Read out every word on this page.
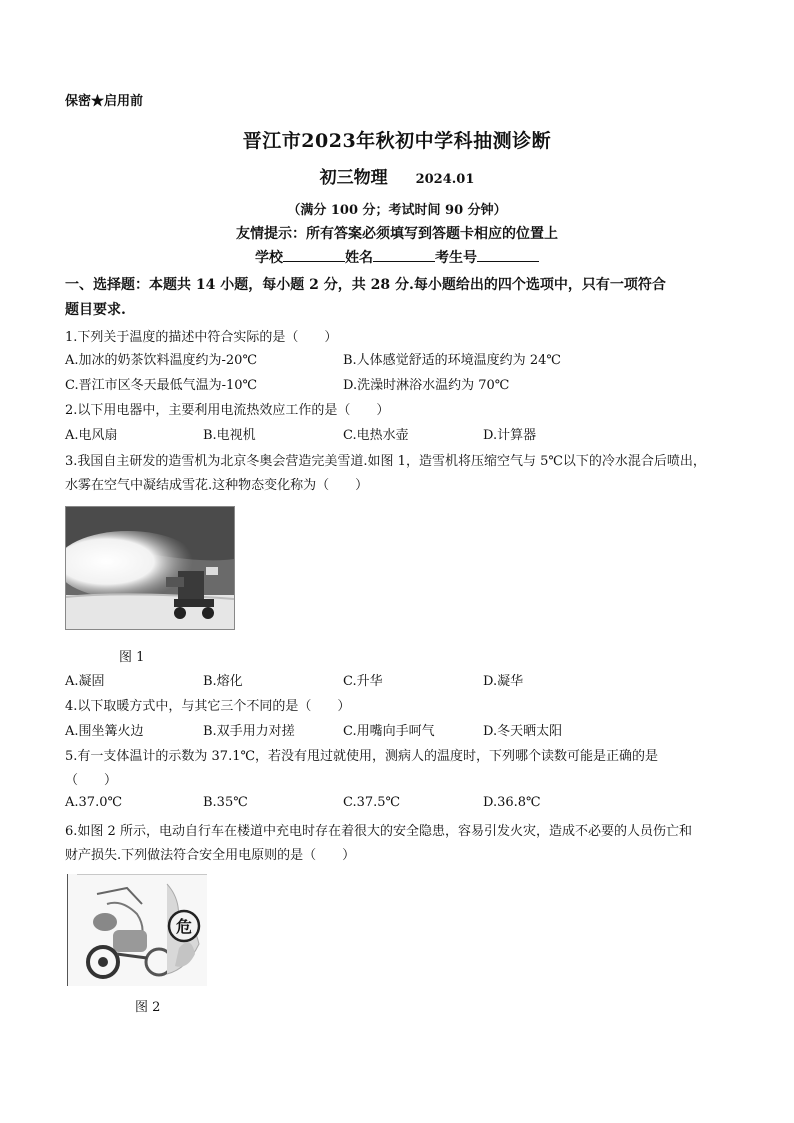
保密★启用前
晋江市2023年秋初中学科抽测诊断
初三物理 2024.01
（满分 100 分；考试时间 90 分钟）
友情提示：所有答案必须填写到答题卡相应的位置上
学校	姓名	考生号
一、选择题：本题共 14 小题，每小题 2 分，共 28 分.每小题给出的四个选项中，只有一项符合
题目要求.
1.下列关于温度的描述中符合实际的是（　　）
A.加冰的奶茶饮料温度约为-20℃	B.人体感觉舒适的环境温度约为 24℃
C.晋江市区冬天最低气温为-10℃	D.洗澡时淋浴水温约为 70℃
2.以下用电器中，主要利用电流热效应工作的是（　　）
A.电风扇	B.电视机	C.电热水壶	D.计算器
3.我国自主研发的造雪机为北京冬奥会营造完美雪道.如图 1，造雪机将压缩空气与 5℃以下的冷水混合后喷出，
水雾在空气中凝结成雪花.这种物态变化称为（　　）
图 1
A.凝固	B.熔化	C.升华	D.凝华
4.以下取暖方式中，与其它三个不同的是（　　）
A.围坐篝火边	B.双手用力对搓	C.用嘴向手呵气	D.冬天晒太阳
5.有一支体温计的示数为 37.1℃，若没有甩过就使用，测病人的温度时，下列哪个读数可能是正确的是
（　　）
A.37.0℃	B.35℃	C.37.5℃	D.36.8℃
6.如图 2 所示，电动自行车在楼道中充电时存在着很大的安全隐患，容易引发火灾，造成不必要的人员伤亡和
财产损失.下列做法符合安全用电原则的是（　　）
危
图 2
